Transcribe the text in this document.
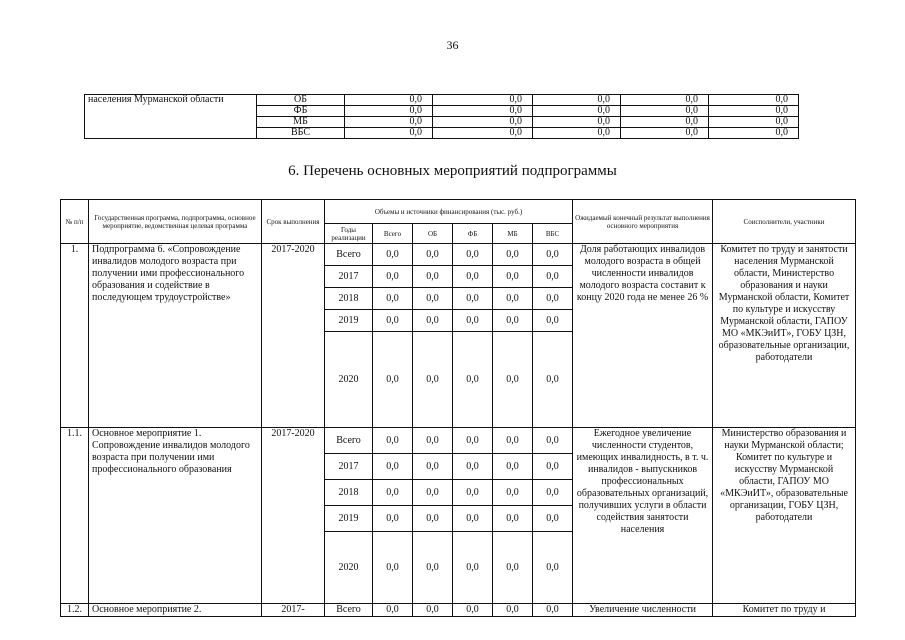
36
населения Мурманской области	ОБ	0,0	0,0	0,0	0,0	0,0
	ФБ	0,0	0,0	0,0	0,0	0,0
	МБ	0,0	0,0	0,0	0,0	0,0
	ВБС	0,0	0,0	0,0	0,0	0,0
6. Перечень основных мероприятий подпрограммы
№ п/п	Государственная программа, подпрограмма, основное мероприятие, ведомственная целевая программа	Срок выполнения	Объемы и источники финансирования (тыс. руб.)						Ожидаемый конечный результат выполнения основного мероприятия	Соисполнители, участники
			Годы реализации	Всего	ОБ	ФБ	МБ	ВБС		
1.	Подпрограмма 6. «Сопровождение инвалидов молодого возраста при получении ими профессионального образования и содействие в последующем трудоустройстве»	2017-2020	Всего	0,0	0,0	0,0	0,0	0,0	Доля работающих инвалидов молодого возраста в общей численности инвалидов молодого возраста составит к концу 2020 года не менее 26 %	Комитет по труду и занятости населения Мурманской области, Министерство образования и науки Мурманской области, Комитет по культуре и искусству Мурманской области, ГАПОУ МО «МКЭиИТ», ГОБУ ЦЗН, образовательные организации, работодатели
			2017	0,0	0,0	0,0	0,0	0,0		
			2018	0,0	0,0	0,0	0,0	0,0		
			2019	0,0	0,0	0,0	0,0	0,0		
			2020	0,0	0,0	0,0	0,0	0,0		
1.1.	Основное мероприятие 1. Сопровождение инвалидов молодого возраста при получении ими профессионального образования	2017-2020	Всего	0,0	0,0	0,0	0,0	0,0	Ежегодное увеличение численности студентов, имеющих инвалидность, в т. ч. инвалидов - выпускников профессиональных образовательных организаций, получивших услуги в области содействия занятости населения	Министерство образования и науки Мурманской области; Комитет по культуре и искусству Мурманской области, ГАПОУ МО «МКЭиИТ», образовательные организации, ГОБУ ЦЗН, работодатели
			2017	0,0	0,0	0,0	0,0	0,0		
			2018	0,0	0,0	0,0	0,0	0,0		
			2019	0,0	0,0	0,0	0,0	0,0		
			2020	0,0	0,0	0,0	0,0	0,0		
1.2.	Основное мероприятие 2.	2017-	Всего	0,0	0,0	0,0	0,0	0,0	Увеличение численности	Комитет по труду и
